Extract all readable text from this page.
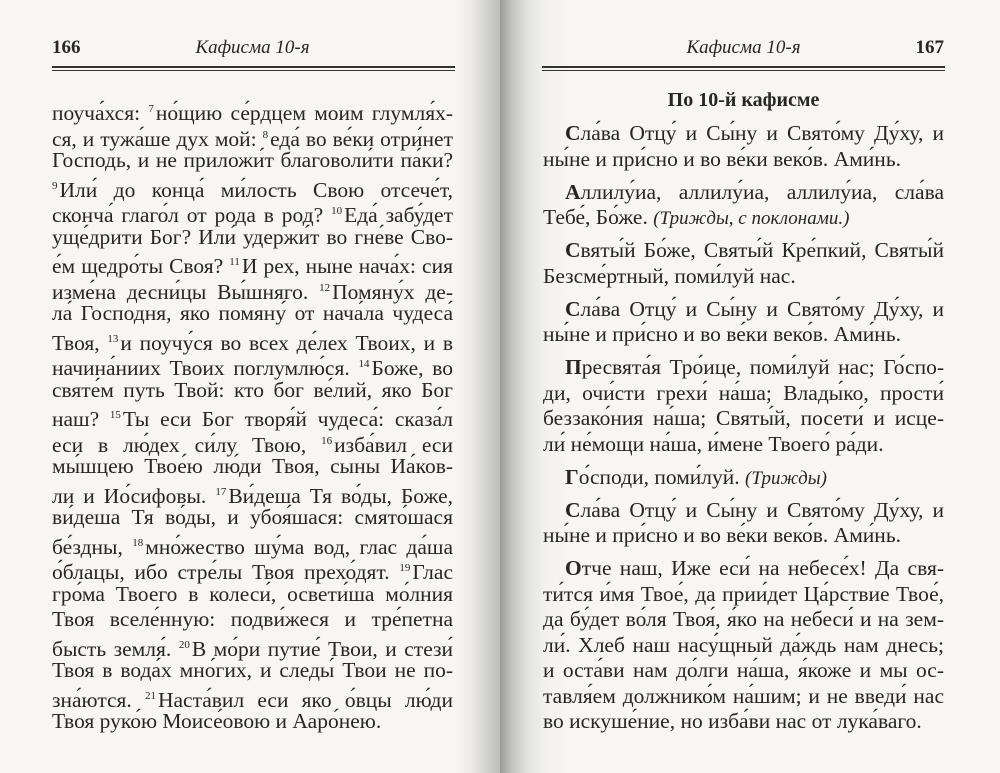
Кафисма 10-я
166
поуча́хся: $^7$но́щию се́рдцем моим глумля́х-
ся, и тужа́ше дух мой: $^8$еда́ во ве́ки отри́нет
Господь, и не приложи́т благоволи́ти па́ки?
$^9$Или́ до конца́ ми́лость Свою отсече́т,
сконча́ глаго́л от рода в род? $^{10}$Еда́ забу́дет
уще́дрити Бог? Или́ удержи́т во гне́ве Сво-
е́м щедро́ты Своя? $^{11}$И рех, ныне нача́х: сия
изме́на десни́цы Вы́шняго. $^{12}$Помяну́х де-
ла́ Господня, яко помяну́ от нача́ла чудеса́
Твоя, $^{13}$и поучу́ся во всех де́лех Твоих, и в
начина́ниих Твоих поглумлю́ся. $^{14}$Боже, во
святе́м путь Твой: кто бог ве́лий, яко Бог
наш? $^{15}$Ты еси Бог творя́й чудеса́: сказа́л
еси в лю́дех си́лу Твою, $^{16}$изба́вил еси
мы́шцею Твое́ю лю́ди Твоя, сыны Иа́ков-
ли и Ио́сифовы. $^{17}$Ви́деша Тя во́ды, Боже,
ви́деша Тя во́ды, и убоя́шася: смято́шася
бе́здны, $^{18}$мно́жество шу́ма вод, глас да́ша
о́блацы, ибо стре́лы Твоя прехо́дят. $^{19}$Глас
гро́ма Твоего в колеси́, освети́ша мо́лния
Твоя вселе́нную: подви́жеся и тре́петна
бысть земля́. $^{20}$В мо́ри путие́ Твои, и стези́
Твоя в вода́х мно́гих, и следы́ Твои не по-
зна́ются. $^{21}$Наста́вил еси яко о́вцы лю́ди
Твоя руко́ю Моисе́овою и Ааро́нею.
Кафисма 10-я	167
По 10-й кафисме
Сла́ва Отцу́ и Сы́ну и Свято́му Ду́ху, и
ны́не и при́сно и во ве́ки веко́в. Ами́нь.
Аллилу́иа, аллилу́иа, аллилу́иа, сла́ва
Тебе́, Бо́же. (Трижды, с поклонами.)
Святы́й Бо́же, Святы́й Кре́пкий, Святы́й
Безсме́ртный, поми́луй нас.
Сла́ва Отцу́ и Сы́ну и Свято́му Ду́ху, и
ны́не и при́сно и во ве́ки веко́в. Ами́нь.
Пресвята́я Тро́ице, поми́луй нас; Го́спо-
ди, очи́сти грехи́ на́ша; Влады́ко, прости́
беззако́ния на́ша; Святы́й, посети́ и исце-
ли́ не́мощи на́ша, и́мене Твоего́ ра́ди.
Го́споди, поми́луй. (Трижды)
Сла́ва Отцу́ и Сы́ну и Свято́му Ду́ху, и
ны́не и при́сно и во ве́ки веко́в. Ами́нь.
Отче наш, Иже еси́ на небесе́х! Да свя-
ти́тся и́мя Твое́, да прии́дет Ца́рствие Твое́,
да бу́дет во́ля Твоя́, я́ко на небеси́ и на зем-
ли́. Хлеб наш насу́щный да́ждь нам днесь;
и оста́ви нам до́лги на́ша, я́коже и мы ос-
тавля́ем должнико́м на́шим; и не введи́ нас
во искуше́ние, но изба́ви нас от лука́ваго.
